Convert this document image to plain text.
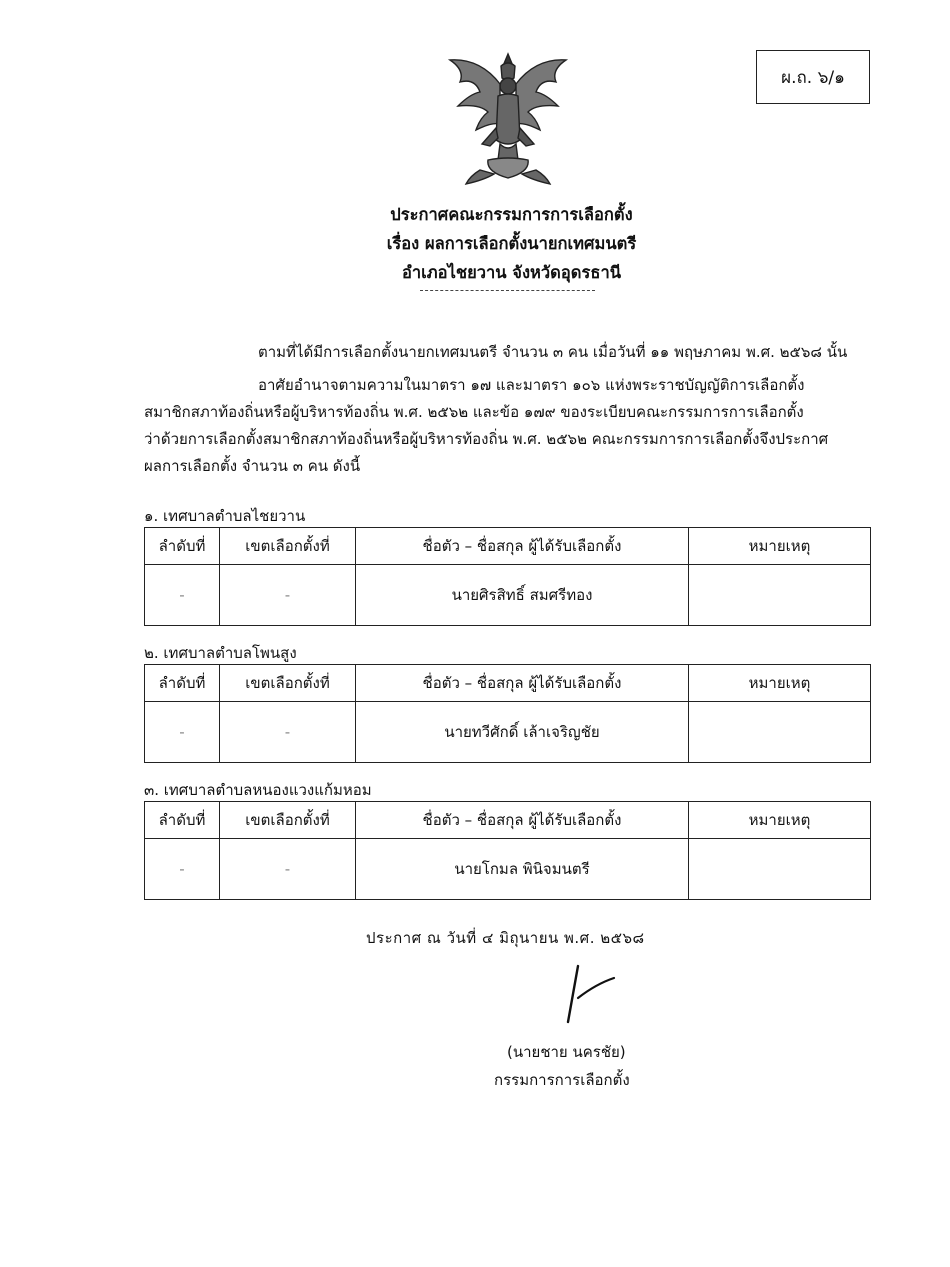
ผ.ถ. ๖/๑
ประกาศคณะกรรมการการเลือกตั้ง
เรื่อง ผลการเลือกตั้งนายกเทศมนตรี
อำเภอไชยวาน จังหวัดอุดรธานี
ตามที่ได้มีการเลือกตั้งนายกเทศมนตรี จำนวน ๓ คน เมื่อวันที่ ๑๑ พฤษภาคม พ.ศ. ๒๕๖๘ นั้น
อาศัยอำนาจตามความในมาตรา ๑๗ และมาตรา ๑๐๖ แห่งพระราชบัญญัติการเลือกตั้ง
สมาชิกสภาท้องถิ่นหรือผู้บริหารท้องถิ่น พ.ศ. ๒๕๖๒ และข้อ ๑๗๙ ของระเบียบคณะกรรมการการเลือกตั้ง
ว่าด้วยการเลือกตั้งสมาชิกสภาท้องถิ่นหรือผู้บริหารท้องถิ่น พ.ศ. ๒๕๖๒ คณะกรรมการการเลือกตั้งจึงประกาศ
ผลการเลือกตั้ง จำนวน ๓ คน ดังนี้
๑. เทศบาลตำบลไชยวาน
ลำดับที่	เขตเลือกตั้งที่	ชื่อตัว – ชื่อสกุล ผู้ได้รับเลือกตั้ง	หมายเหตุ
-	-	นายศิรสิทธิ์ สมศรีทอง	
๒. เทศบาลตำบลโพนสูง
ลำดับที่	เขตเลือกตั้งที่	ชื่อตัว – ชื่อสกุล ผู้ได้รับเลือกตั้ง	หมายเหตุ
-	-	นายทวีศักดิ์ เล้าเจริญชัย	
๓. เทศบาลตำบลหนองแวงแก้มหอม
ลำดับที่	เขตเลือกตั้งที่	ชื่อตัว – ชื่อสกุล ผู้ได้รับเลือกตั้ง	หมายเหตุ
-	-	นายโกมล พินิจมนตรี	
ประกาศ ณ วันที่ ๔ มิถุนายน พ.ศ. ๒๕๖๘
(นายชาย นครชัย)
กรรมการการเลือกตั้ง
